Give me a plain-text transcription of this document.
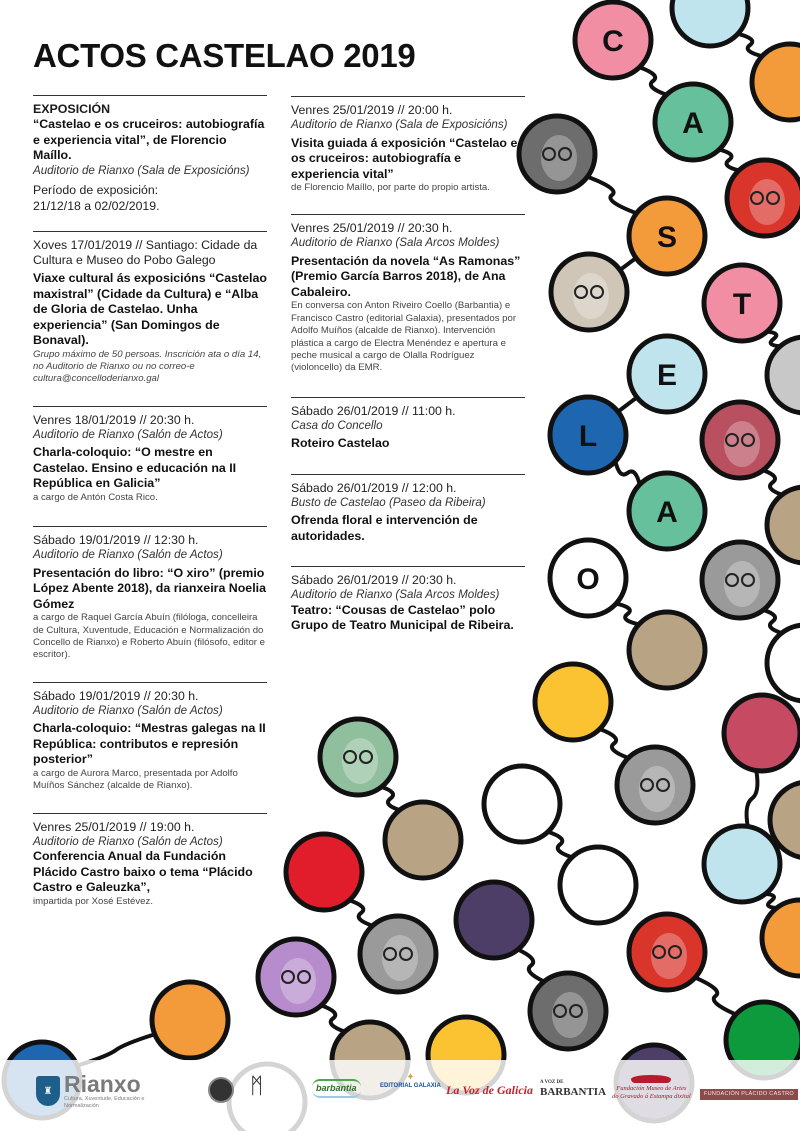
ACTOS CASTELAO 2019
EXPOSICIÓN
“Castelao e os cruceiros: autobiografía e experiencia vital”, de Florencio Maíllo.
Auditorio de Rianxo (Sala de Exposicións)
Período de exposición:
21/12/18 a 02/02/2019.
Xoves 17/01/2019 // Santiago: Cidade da Cultura e Museo do Pobo Galego
Viaxe cultural ás exposicións “Castelao maxistral” (Cidade da Cultura) e “Alba de Gloria de Castelao. Unha experiencia” (San Domingos de Bonaval).
Grupo máximo de 50 persoas. Inscrición ata o día 14, no Auditorio de Rianxo ou no correo-e cultura@concelloderianxo.gal
Venres 18/01/2019 // 20:30 h.
Auditorio de Rianxo (Salón de Actos)
Charla-coloquio: “O mestre en Castelao. Ensino e educación na II República en Galicia”
a cargo de Antón Costa Rico.
Sábado 19/01/2019 // 12:30 h.
Auditorio de Rianxo (Salón de Actos)
Presentación do libro: “O xiro” (premio López Abente 2018), da rianxeira Noelia Gómez
a cargo de Raquel García Abuín (filóloga, concelleira de Cultura, Xuventude, Educación e Normalización do Concello de Rianxo) e Roberto Abuín (filósofo, editor e escritor).
Sábado 19/01/2019 // 20:30 h.
Auditorio de Rianxo (Salón de Actos)
Charla-coloquio: “Mestras galegas na II República: contributos e represión posterior”
a cargo de Aurora Marco, presentada por Adolfo Muíños Sánchez (alcalde de Rianxo).
Venres 25/01/2019 // 19:00 h.
Auditorio de Rianxo (Salón de Actos)
Conferencia Anual da Fundación Plácido Castro baixo o tema “Plácido Castro e Galeuzka”,
impartida por Xosé Estévez.
Venres 25/01/2019 // 20:00 h.
Auditorio de Rianxo (Sala de Exposicións)
Visita guiada á exposición “Castelao e os cruceiros: autobiografía e experiencia vital”
de Florencio Maíllo, por parte do propio artista.
Venres 25/01/2019 // 20:30 h.
Auditorio de Rianxo (Sala Arcos Moldes)
Presentación da novela “As Ramonas” (Premio García Barros 2018), de Ana Cabaleiro.
En conversa con Anton Riveiro Coello (Barbantia) e Francisco Castro (editorial Galaxia), presentados por Adolfo Muíños (alcalde de Rianxo). Intervención plástica a cargo de Electra Menéndez e apertura e peche musical a cargo de Olalla Rodríguez (violoncello) da EMR.
Sábado 26/01/2019 // 11:00 h.
Casa do Concello
Roteiro Castelao
Sábado 26/01/2019 // 12:00 h.
Busto de Castelao (Paseo da Ribeira)
Ofrenda floral e intervención de autoridades.
Sábado 26/01/2019 // 20:30 h.
Auditorio de Rianxo (Sala Arcos Moldes)
Teatro: “Cousas de Castelao” polo Grupo de Teatro Municipal de Ribeira.
C
A
S
T
E
L
A
O
♜ Rianxo
Cultura, Xuventude, Educación e Normalización
ᛗ	barbantia
✦
EDITORIAL GALAXIA La Voz de Galicia
A VOZ DE
BARBANTIA	Fundación Museo de Artes
do Gravado á Estampa dixital	FUNDACIÓN PLÁCIDO CASTRO
